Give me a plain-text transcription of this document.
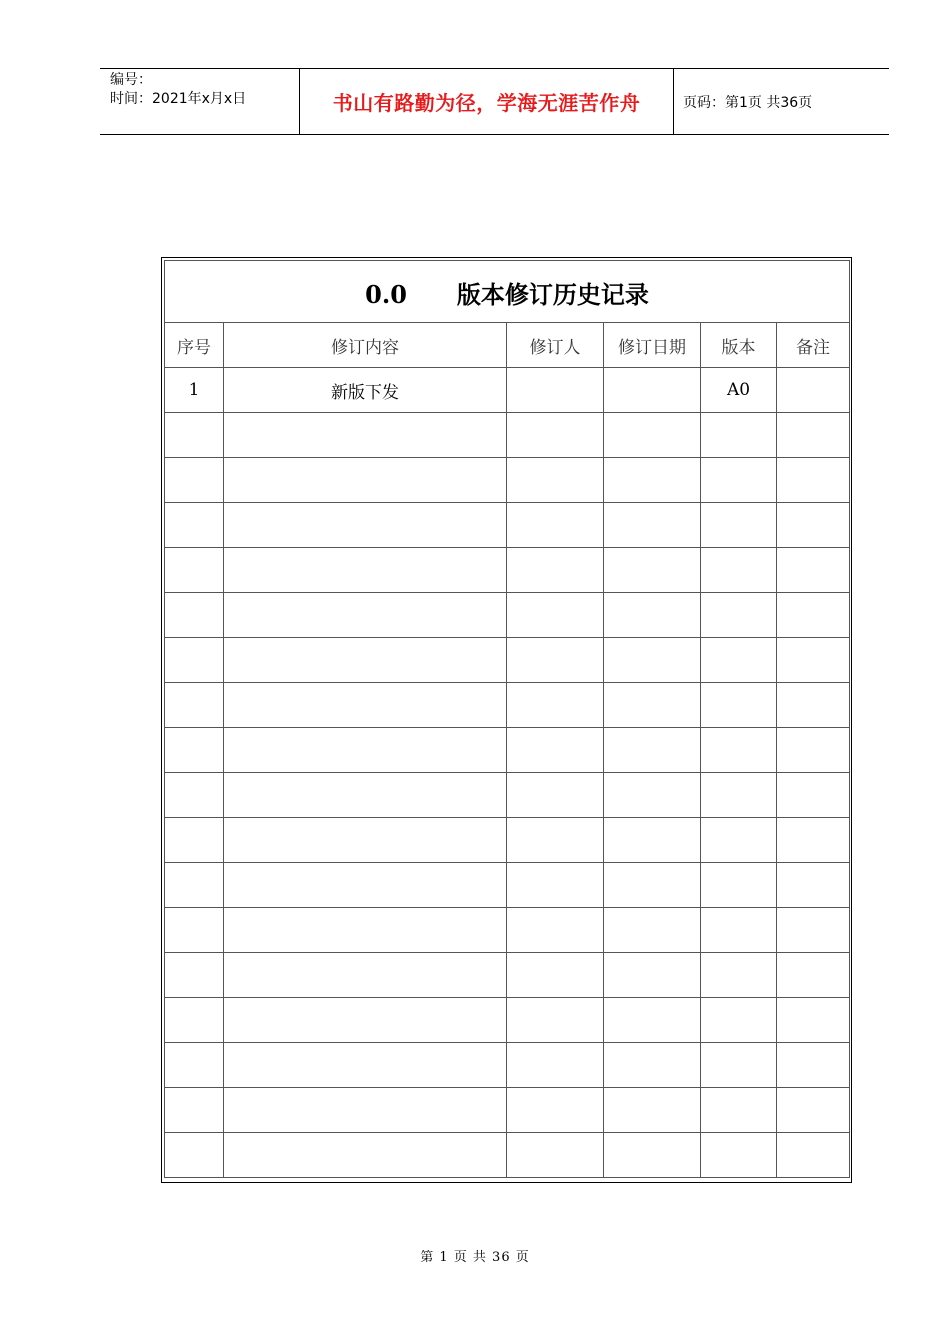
编号：
时间：2021年x月x日	书山有路勤为径，学海无涯苦作舟	页码：第1页 共36页
0.0 版本修订历史记录					
序号	修订内容	修订人	修订日期	版本	备注
1	新版下发			A0	

第 1 页 共 36 页
